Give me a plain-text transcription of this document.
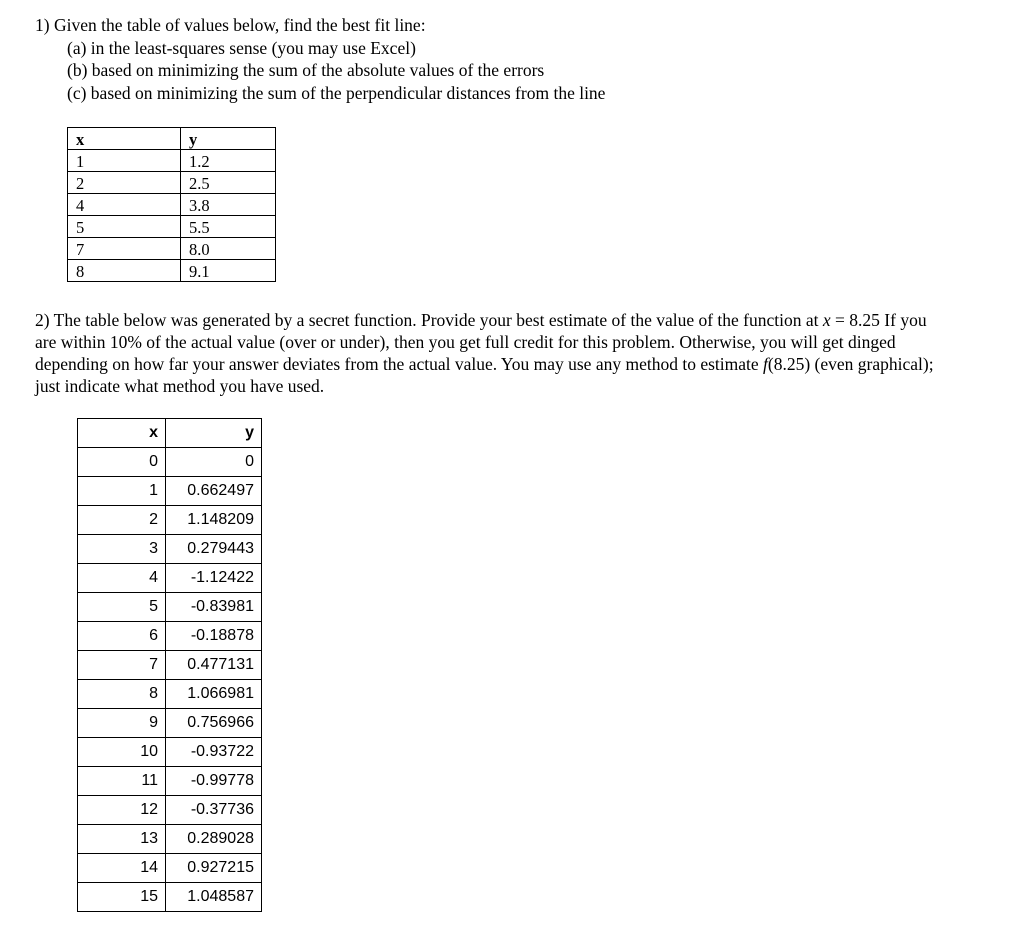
1) Given the table of values below, find the best fit line:
(a) in the least-squares sense (you may use Excel)
(b) based on minimizing the sum of the absolute values of the errors
(c) based on minimizing the sum of the perpendicular distances from the line
x	y
1	1.2
2	2.5
4	3.8
5	5.5
7	8.0
8	9.1
2) The table below was generated by a secret function. Provide your best estimate of the value of the function at x = 8.25 If you are within 10% of the actual value (over or under), then you get full credit for this problem. Otherwise, you will get dinged depending on how far your answer deviates from the actual value. You may use any method to estimate f(8.25) (even graphical); just indicate what method you have used.
x	y
0	0
1	0.662497
2	1.148209
3	0.279443
4	-1.12422
5	-0.83981
6	-0.18878
7	0.477131
8	1.066981
9	0.756966
10	-0.93722
11	-0.99778
12	-0.37736
13	0.289028
14	0.927215
15	1.048587
